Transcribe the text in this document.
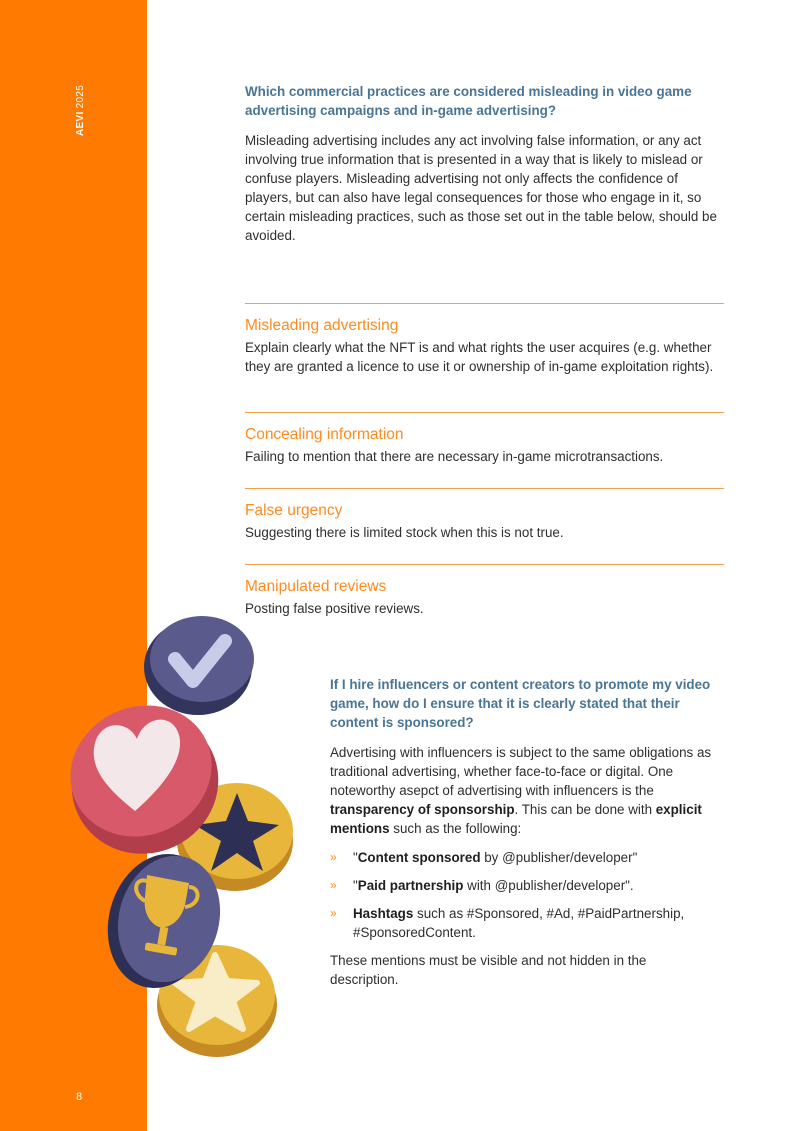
AEVI 2025
8

Which commercial practices are considered misleading in video game advertising campaigns and in-game advertising?

Misleading advertising includes any act involving false information, or any act involving true information that is presented in a way that is likely to mislead or confuse players. Misleading advertising not only affects the confidence of players, but can also have legal consequences for those who engage in it, so certain misleading practices, such as those set out in the table below, should be avoided.

Misleading advertising

Explain clearly what the NFT is and what rights the user acquires (e.g. whether they are granted a licence to use it or ownership of in-game exploitation rights).

Concealing information

Failing to mention that there are necessary in-game microtransactions.

False urgency

Suggesting there is limited stock when this is not true.

Manipulated reviews

Posting false positive reviews.

If I hire influencers or content creators to promote my video game, how do I ensure that it is clearly stated that their content is sponsored?

Advertising with influencers is subject to the same obligations as traditional advertising, whether face-to-face or digital. One noteworthy asepct of advertising with influencers is the transparency of sponsorship. This can be done with explicit mentions such as the following:

» "Content sponsored by @publisher/developer"
» "Paid partnership with @publisher/developer".
» Hashtags such as #Sponsored, #Ad, #PaidPartnership, #SponsoredContent.

These mentions must be visible and not hidden in the description.
